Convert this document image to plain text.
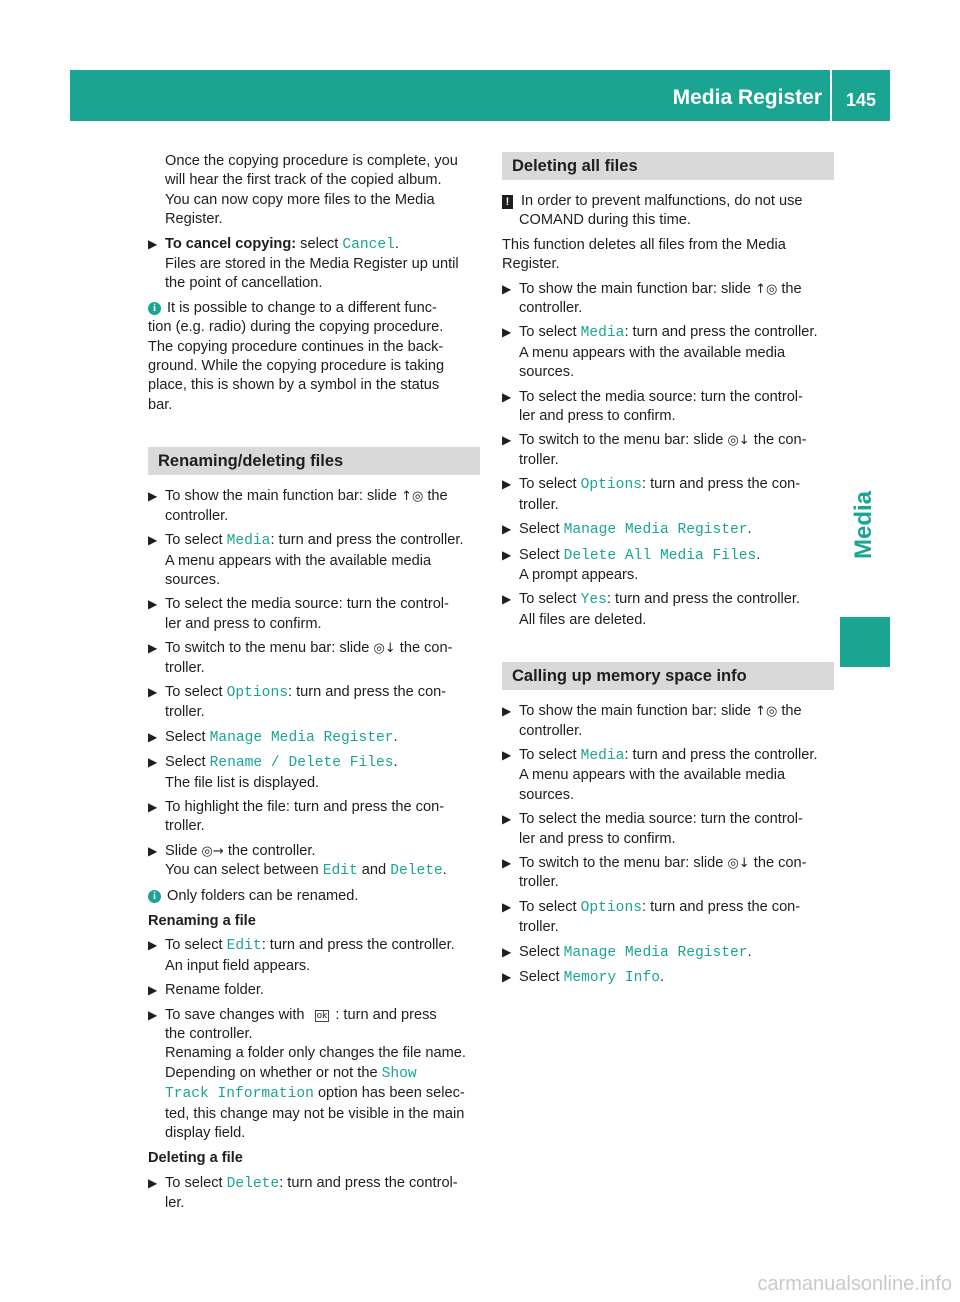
Media Register 145
Media

Once the copying procedure is complete, you

will hear the first track of the copied album.

You can now copy more files to the Media

Register.

▶ To cancel copying: select Cancel.

Files are stored in the Media Register up until

the point of cancellation.

i It is possible to change to a different func-

tion (e.g. radio) during the copying procedure.

The copying procedure continues in the back-

ground. While the copying procedure is taking

place, this is shown by a symbol in the status

bar.

Renaming/deleting files
▶ To show the main function bar: slide ↑◎ the

controller.

▶ To select Media: turn and press the controller.

A menu appears with the available media

sources.

▶ To select the media source: turn the control-

ler and press to confirm.

▶ To switch to the menu bar: slide ◎↓ the con-

troller.

▶ To select Options: turn and press the con-

troller.

▶ Select Manage Media Register.

▶ Select Rename / Delete Files.

The file list is displayed.

▶ To highlight the file: turn and press the con-

troller.

▶ Slide ◎→ the controller.

You can select between Edit and Delete.

i Only folders can be renamed.

Renaming a file

▶ To select Edit: turn and press the controller.

An input field appears.

▶ Rename folder.

▶ To save changes with ok : turn and press

the controller.

Renaming a folder only changes the file name.

Depending on whether or not the Show

Track Information option has been selec-

ted, this change may not be visible in the main

display field.

Deleting a file

▶ To select Delete: turn and press the control-

ler.

Deleting all files

! In order to prevent malfunctions, do not use

COMAND during this time.

This function deletes all files from the Media

Register.

▶ To show the main function bar: slide ↑◎ the

controller.

▶ To select Media: turn and press the controller.

A menu appears with the available media

sources.

▶ To select the media source: turn the control-

ler and press to confirm.

▶ To switch to the menu bar: slide ◎↓ the con-

troller.

▶ To select Options: turn and press the con-

troller.

▶ Select Manage Media Register.

▶ Select Delete All Media Files.

A prompt appears.

▶ To select Yes: turn and press the controller.

All files are deleted.

Calling up memory space info
▶ To show the main function bar: slide ↑◎ the

controller.

▶ To select Media: turn and press the controller.

A menu appears with the available media

sources.

▶ To select the media source: turn the control-

ler and press to confirm.

▶ To switch to the menu bar: slide ◎↓ the con-

troller.

▶ To select Options: turn and press the con-

troller.

▶ Select Manage Media Register.

▶ Select Memory Info.

carmanualsonline.info
